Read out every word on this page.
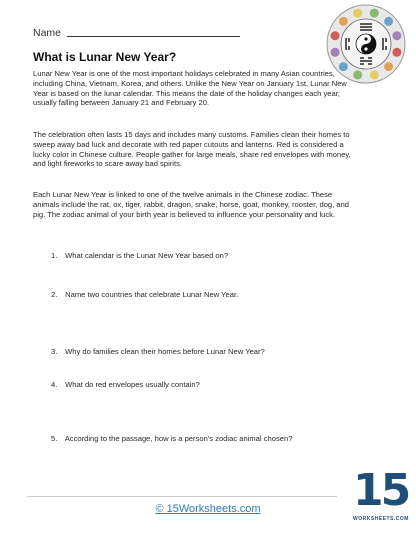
Name
What is Lunar New Year?
Lunar New Year is one of the most important holidays celebrated in many Asian countries, including China, Vietnam, Korea, and others. Unlike the New Year on January 1st, Lunar New Year is based on the lunar calendar. This means the date of the holiday changes each year, usually falling between January 21 and February 20.
The celebration often lasts 15 days and includes many customs. Families clean their homes to sweep away bad luck and decorate with red paper cutouts and lanterns. Red is considered a lucky color in Chinese culture. People gather for large meals, share red envelopes with money, and light fireworks to scare away bad spirits.
Each Lunar New Year is linked to one of the twelve animals in the Chinese zodiac. These animals include the rat, ox, tiger, rabbit, dragon, snake, horse, goat, monkey, rooster, dog, and pig. The zodiac animal of your birth year is believed to influence your personality and luck.
1. What calendar is the Lunar New Year based on?
2. Name two countries that celebrate Lunar New Year.
3. Why do families clean their homes before Lunar New Year?
4. What do red envelopes usually contain?
5. According to the passage, how is a person's zodiac animal chosen?
© 15Worksheets.com	15
WORKSHEETS.COM
